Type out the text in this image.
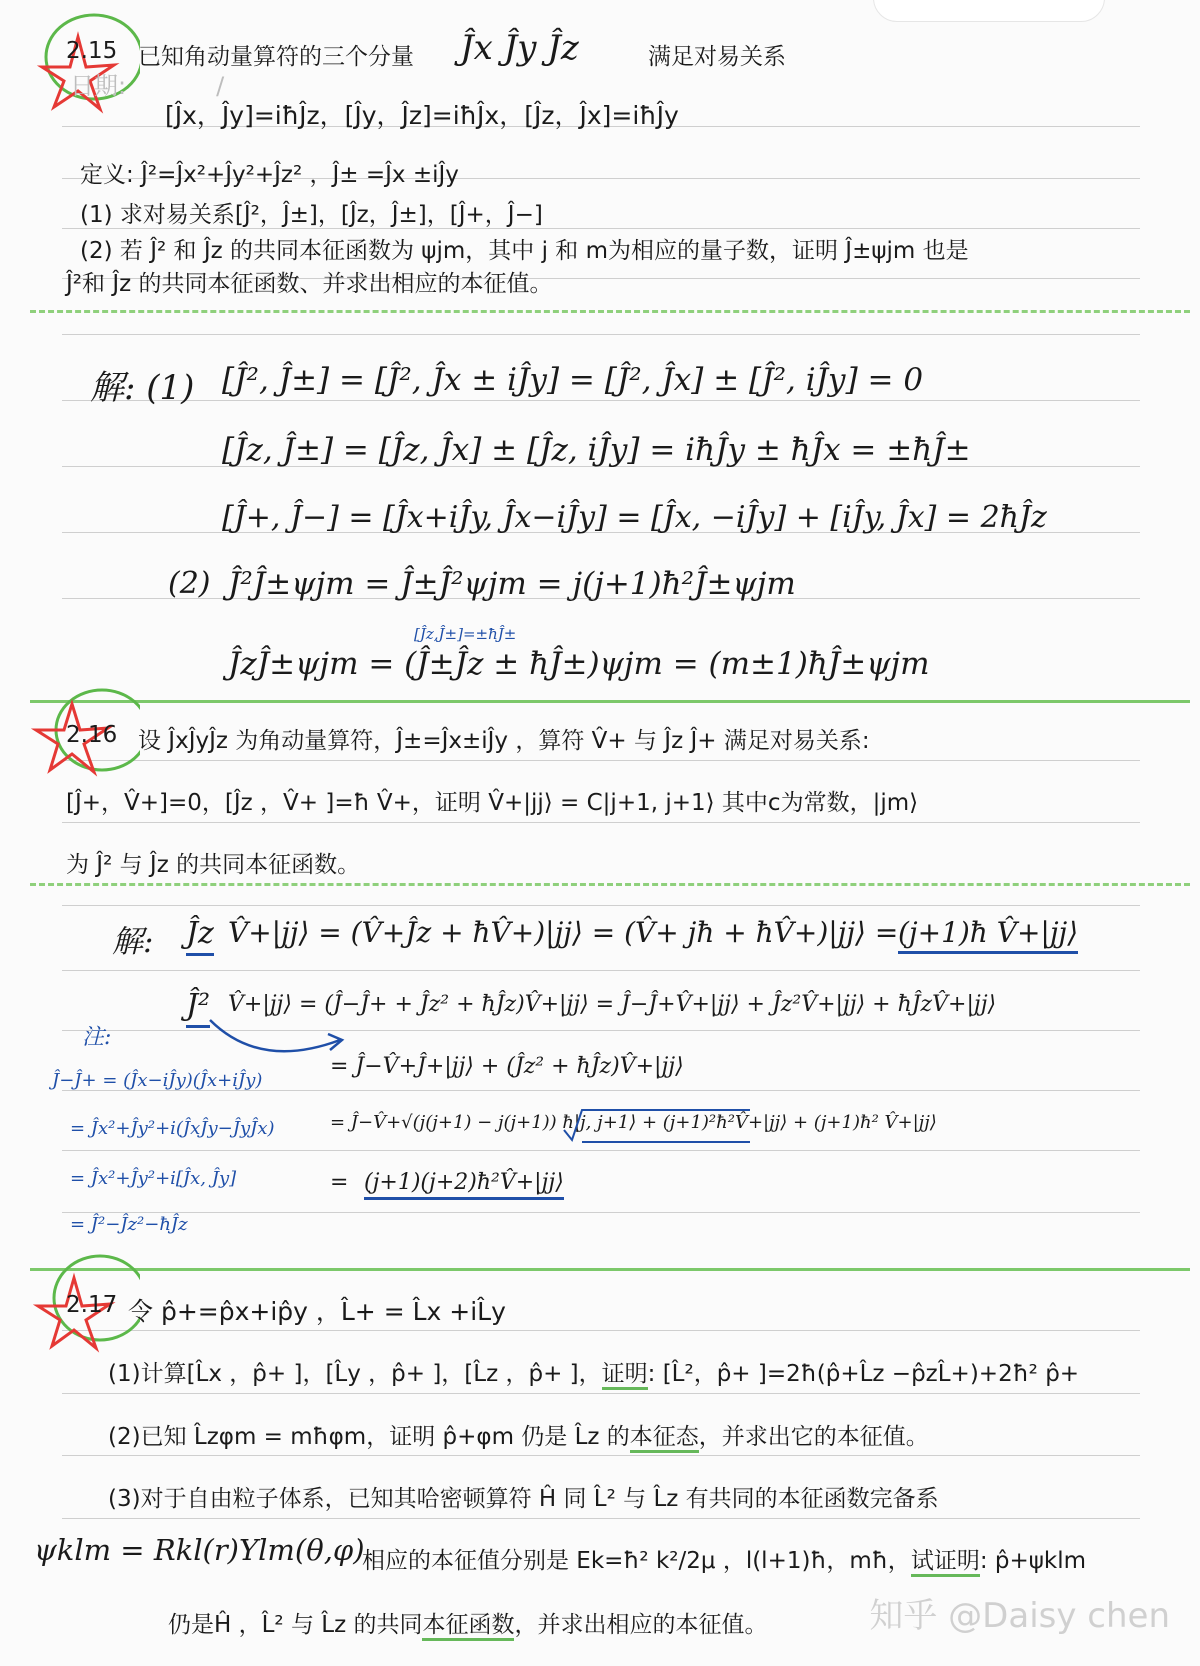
日期:	/
2.15 已知角动量算符的三个分量 Ĵx Ĵy Ĵz	满足对易关系
[Ĵx，Ĵy]=iħĴz，[Ĵy，Ĵz]=iħĴx，[Ĵz，Ĵx]=iħĴy
定义: Ĵ²=Ĵx²+Ĵy²+Ĵz² ，Ĵ± =Ĵx ±iĴy
(1) 求对易关系[Ĵ²，Ĵ±]，[Ĵz，Ĵ±]，[Ĵ+，Ĵ−]
(2) 若 Ĵ² 和 Ĵz 的共同本征函数为 ψjm，其中 j 和 m为相应的量子数，证明 Ĵ±ψjm 也是
Ĵ²和 Ĵz 的共同本征函数、并求出相应的本征值。
解: (1) [Ĵ², Ĵ±] = [Ĵ², Ĵx ± iĴy] = [Ĵ², Ĵx] ± [Ĵ², iĴy] = 0
[Ĵz, Ĵ±] = [Ĵz, Ĵx] ± [Ĵz, iĴy] = iħĴy ± ħĴx = ±ħĴ±
[Ĵ+, Ĵ−] = [Ĵx+iĴy, Ĵx−iĴy] = [Ĵx, −iĴy] + [iĴy, Ĵx] = 2ħĴz
(2) Ĵ²Ĵ±ψjm = Ĵ±Ĵ²ψjm = j(j+1)ħ²Ĵ±ψjm
[Ĵz,Ĵ±]=±ħĴ±
ĴzĴ±ψjm = (Ĵ±Ĵz ± ħĴ±)ψjm = (m±1)ħĴ±ψjm
2.16 设 ĴxĴyĴz 为角动量算符，Ĵ±=Ĵx±iĴy ，算符 V̂+ 与 Ĵz Ĵ+ 满足对易关系:
[Ĵ+，V̂+]=0，[Ĵz ，V̂+ ]=ħ V̂+，证明 V̂+|jj⟩ = C|j+1, j+1⟩ 其中c为常数，|jm⟩
为 Ĵ² 与 Ĵz 的共同本征函数。
解: Ĵz V̂+|jj⟩ = (V̂+Ĵz + ħV̂+)|jj⟩ = (V̂+ jħ + ħV̂+)|jj⟩ = (j+1)ħ V̂+|jj⟩
Ĵ² V̂+|jj⟩ = (Ĵ−Ĵ+ + Ĵz² + ħĴz)V̂+|jj⟩ = Ĵ−Ĵ+V̂+|jj⟩ + Ĵz²V̂+|jj⟩ + ħĴzV̂+|jj⟩
= Ĵ−V̂+Ĵ+|jj⟩ + (Ĵz² + ħĴz)V̂+|jj⟩
= Ĵ−V̂+√(j(j+1) − j(j+1)) ħ|j, j+1⟩ + (j+1)²ħ²V̂+|jj⟩ + (j+1)ħ² V̂+|jj⟩
= (j+1)(j+2)ħ²V̂+|jj⟩
注:
Ĵ−Ĵ+ = (Ĵx−iĴy)(Ĵx+iĴy)
= Ĵx²+Ĵy²+i(ĴxĴy−ĴyĴx)
= Ĵx²+Ĵy²+i[Ĵx, Ĵy]
= Ĵ²−Ĵz²−ħĴz
2.17 令 p̂+=p̂x+ip̂y ，L̂+ = L̂x +iL̂y
(1)计算[L̂x ，p̂+ ]，[L̂y ，p̂+ ]，[L̂z ，p̂+ ]，证明: [L̂²，p̂+ ]=2ħ(p̂+L̂z −p̂zL̂+)+2ħ² p̂+
(2)已知 L̂zφm = mħφm，证明 p̂+φm 仍是 L̂z 的本征态，并求出它的本征值。
(3)对于自由粒子体系，已知其哈密顿算符 Ĥ 同 L̂² 与 L̂z 有共同的本征函数完备系
ψklm = Rkl(r)Ylm(θ,φ)
相应的本征值分别是 Ek=ħ² k²/2μ ，l(l+1)ħ，mħ，试证明: p̂+ψklm
仍是Ĥ ，L̂² 与 L̂z 的共同本征函数，并求出相应的本征值。	知乎 @Daisy chen
